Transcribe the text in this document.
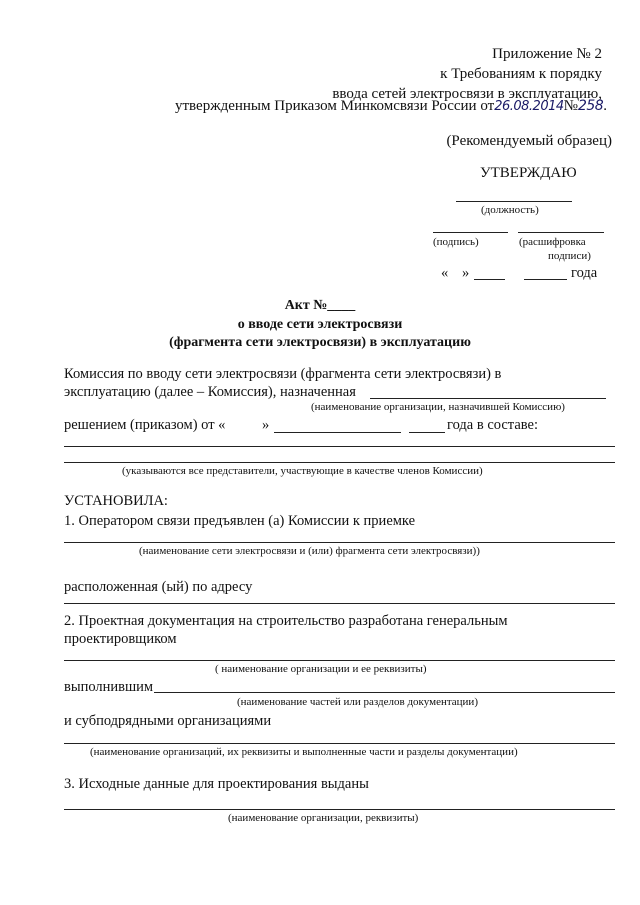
Приложение № 2
к Требованиям к порядку
ввода сетей электросвязи в эксплуатацию,
утвержденным Приказом Минкомсвязи России от26.08.2014№258.
(Рекомендуемый образец)
УТВЕРЖДАЮ
(должность)
(подпись)	(расшифровка
подписи)
« »	года
Акт №____
о вводе сети электросвязи
(фрагмента сети электросвязи) в эксплуатацию
Комиссия по вводу сети электросвязи (фрагмента сети электросвязи) в
эксплуатацию (далее – Комиссия), назначенная
(наименование организации, назначившей Комиссию)
решением (приказом) от «	»	года в составе:
(указываются все представители, участвующие в качестве членов Комиссии)
УСТАНОВИЛА:
1. Оператором связи предъявлен (а) Комиссии к приемке
(наименование сети электросвязи и (или) фрагмента сети электросвязи))
расположенная (ый) по адресу
2. Проектная документация на строительство разработана генеральным
проектировщиком
( наименование организации и ее реквизиты)
выполнившим
(наименование частей или разделов документации)
и субподрядными организациями
(наименование организаций, их реквизиты и выполненные части и разделы документации)
3. Исходные данные для проектирования выданы
(наименование организации, реквизиты)
